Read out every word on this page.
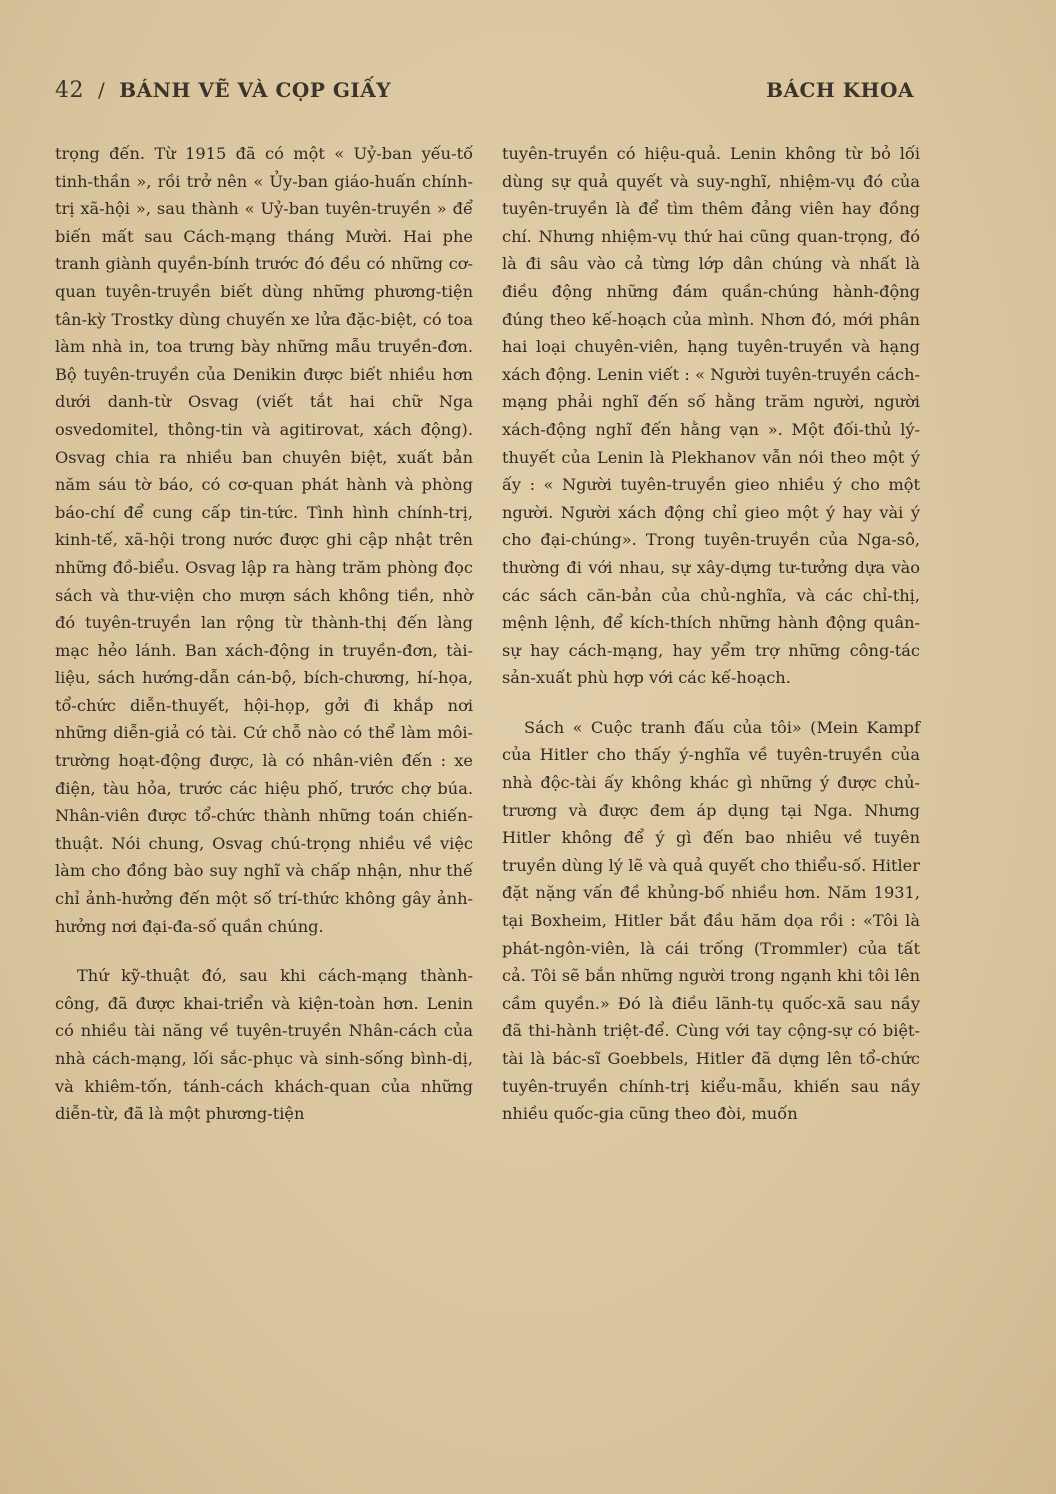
42 / BÁNH VẼ VÀ CỌP GIẤY	BÁCH KHOA

trọng đến. Từ 1915 đã có một « Uỷ-ban yếu-tố tinh-thần », rồi trở nên « Ủy-ban giáo-huấn chính-trị xã-hội », sau thành « Uỷ-ban tuyên-truyền » để biến mất sau Cách-mạng tháng Mười. Hai phe tranh giành quyền-bính trước đó đều có những cơ-quan tuyên-truyền biết dùng những phương-tiện tân-kỳ Trostky dùng chuyến xe lửa đặc-biệt, có toa làm nhà in, toa trưng bày những mẫu truyền-đơn. Bộ tuyên-truyền của Denikin được biết nhiều hơn dưới danh-từ Osvag (viết tắt hai chữ Nga osvedomitel, thông-tin và agitirovat, xách động). Osvag chia ra nhiều ban chuyên biệt, xuất bản năm sáu tờ báo, có cơ-quan phát hành và phòng báo-chí để cung cấp tin-tức. Tình hình chính-trị, kinh-tế, xã-hội trong nước được ghi cập nhật trên những đồ-biểu. Osvag lập ra hàng trăm phòng đọc sách và thư-viện cho mượn sách không tiền, nhờ đó tuyên-truyền lan rộng từ thành-thị đến làng mạc hẻo lánh. Ban xách-động in truyền-đơn, tài-liệu, sách hướng-dẫn cán-bộ, bích-chương, hí-họa, tổ-chức diễn-thuyết, hội-họp, gởi đi khắp nơi những diễn-giả có tài. Cứ chỗ nào có thể làm môi-trường hoạt-động được, là có nhân-viên đến : xe điện, tàu hỏa, trước các hiệu phố, trước chợ búa. Nhân-viên được tổ-chức thành những toán chiến-thuật. Nói chung, Osvag chú-trọng nhiều về việc làm cho đồng bào suy nghĩ và chấp nhận, như thế chỉ ảnh-hưởng đến một số trí-thức không gây ảnh-hưởng nơi đại-đa-số quần chúng.

Thứ kỹ-thuật đó, sau khi cách-mạng thành-công, đã được khai-triển và kiện-toàn hơn. Lenin có nhiều tài năng về tuyên-truyền Nhân-cách của nhà cách-mạng, lối sắc-phục và sinh-sống bình-dị, và khiêm-tốn, tánh-cách khách-quan của những diễn-từ, đã là một phương-tiện

tuyên-truyền có hiệu-quả. Lenin không từ bỏ lối dùng sự quả quyết và suy-nghĩ, nhiệm-vụ đó của tuyên-truyền là để tìm thêm đảng viên hay đồng chí. Nhưng nhiệm-vụ thứ hai cũng quan-trọng, đó là đi sâu vào cả từng lớp dân chúng và nhất là điều động những đám quần-chúng hành-động đúng theo kế-hoạch của mình. Nhơn đó, mới phân hai loại chuyên-viên, hạng tuyên-truyền và hạng xách động. Lenin viết : « Người tuyên-truyền cách-mạng phải nghĩ đến số hằng trăm người, người xách-động nghĩ đến hằng vạn ». Một đối-thủ lý-thuyết của Lenin là Plekhanov vẫn nói theo một ý ấy : « Người tuyên-truyền gieo nhiều ý cho một người. Người xách động chỉ gieo một ý hay vài ý cho đại-chúng». Trong tuyên-truyền của Nga-sô, thường đi với nhau, sự xây-dựng tư-tưởng dựa vào các sách căn-bản của chủ-nghĩa, và các chỉ-thị, mệnh lệnh, để kích-thích những hành động quân-sự hay cách-mạng, hay yểm trợ những công-tác sản-xuất phù hợp với các kế-hoạch.

Sách « Cuộc tranh đấu của tôi» (Mein Kampf của Hitler cho thấy ý-nghĩa về tuyên-truyền của nhà độc-tài ấy không khác gì những ý được chủ-trương và được đem áp dụng tại Nga. Nhưng Hitler không để ý gì đến bao nhiêu về tuyên truyền dùng lý lẽ và quả quyết cho thiểu-số. Hitler đặt nặng vấn đề khủng-bố nhiều hơn. Năm 1931, tại Boxheim, Hitler bắt đầu hăm dọa rồi : «Tôi là phát-ngôn-viên, là cái trống (Trommler) của tất cả. Tôi sẽ bắn những người trong ngạnh khi tôi lên cầm quyền.» Đó là điều lãnh-tụ quốc-xã sau nầy đã thi-hành triệt-để. Cùng với tay cộng-sự có biệt-tài là bác-sĩ Goebbels, Hitler đã dựng lên tổ-chức tuyên-truyền chính-trị kiểu-mẫu, khiến sau nầy nhiều quốc-gia cũng theo đòi, muốn
